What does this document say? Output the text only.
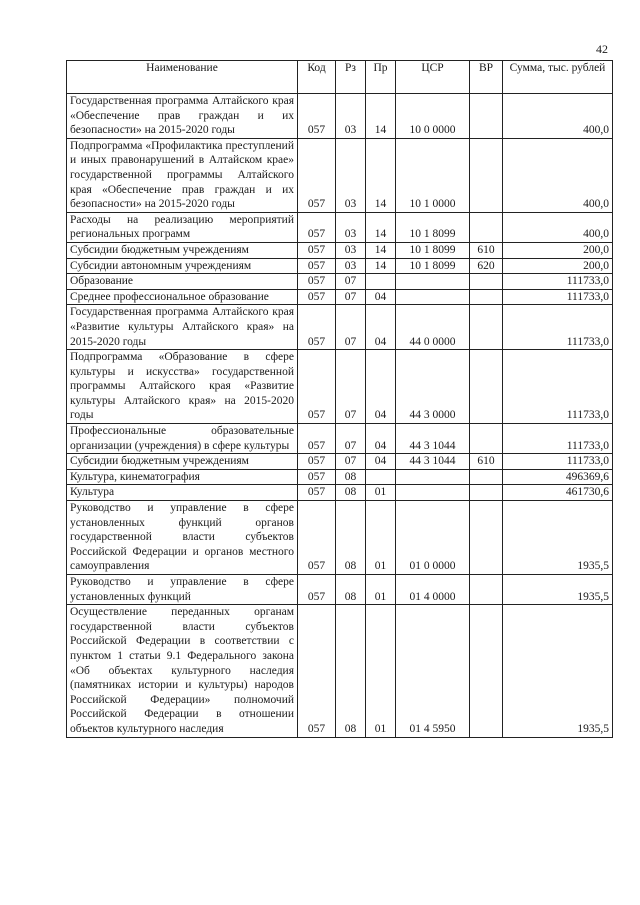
42
Наименование	Код	Рз	Пр	ЦСР	ВР	Сумма, тыс. рублей
Государственная программа Алтайского края «Обеспечение прав граждан и их безопасности» на 2015-2020 годы	057	03	14	10 0 0000		400,0
Подпрограмма «Профилактика преступлений и иных правонарушений в Алтайском крае» государственной программы Алтайского края «Обеспечение прав граждан и их безопасности» на 2015-2020 годы	057	03	14	10 1 0000		400,0
Расходы на реализацию мероприятий региональных программ	057	03	14	10 1 8099		400,0
Субсидии бюджетным учреждениям	057	03	14	10 1 8099	610	200,0
Субсидии автономным учреждениям	057	03	14	10 1 8099	620	200,0
Образование	057	07				111733,0
Среднее профессиональное образование	057	07	04			111733,0
Государственная программа Алтайского края «Развитие культуры Алтайского края» на 2015-2020 годы	057	07	04	44 0 0000		111733,0
Подпрограмма «Образование в сфере культуры и искусства» государственной программы Алтайского края «Развитие культуры Алтайского края» на 2015-2020 годы	057	07	04	44 3 0000		111733,0
Профессиональные образовательные организации (учреждения) в сфере культуры	057	07	04	44 3 1044		111733,0
Субсидии бюджетным учреждениям	057	07	04	44 3 1044	610	111733,0
Культура, кинематография	057	08				496369,6
Культура	057	08	01			461730,6
Руководство и управление в сфере установленных функций органов государственной власти субъектов Российской Федерации и органов местного самоуправления	057	08	01	01 0 0000		1935,5
Руководство и управление в сфере установленных функций	057	08	01	01 4 0000		1935,5
Осуществление переданных органам государственной власти субъектов Российской Федерации в соответствии с пунктом 1 статьи 9.1 Федерального закона «Об объектах культурного наследия (памятниках истории и культуры) народов Российской Федерации» полномочий Российской Федерации в отношении объектов культурного наследия	057	08	01	01 4 5950		1935,5
